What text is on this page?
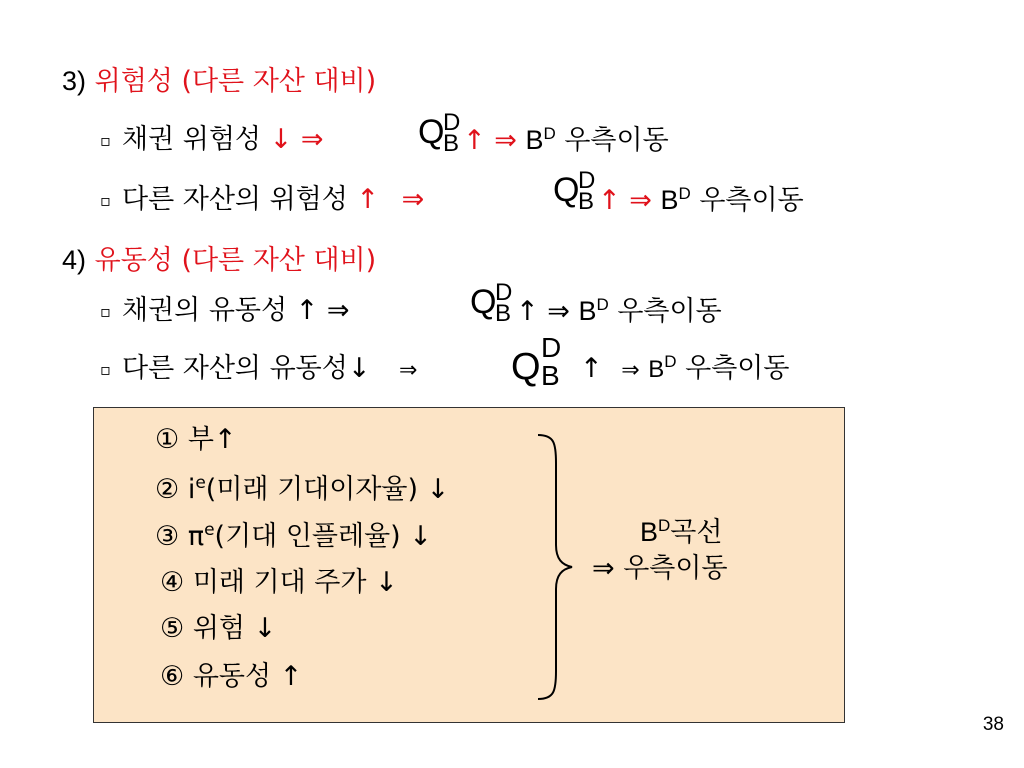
3) 위험성 (다른 자산 대비)
▫ 채권 위험성 ↓ ⇒	Q
D
B ↑ ⇒ $B^D$ 우측이동
▫ 다른 자산의 위험성 ↑ ⇒	Q
D
B ↑ ⇒ $B^D$ 우측이동
4) 유동성 (다른 자산 대비)
▫ 채권의 유동성 ↑ ⇒	Q
D
B ↑ ⇒ $B^D$ 우측이동
▫ 다른 자산의 유동성↓ ⇒ Q D
B ↑ ⇒ $B^D$ 우측이동
① 부↑
② $i^e$(미래 기대이자율) ↓
③ $\pi^e$(기대 인플레율) ↓
④ 미래 기대 주가 ↓
⑤ 위험 ↓
⑥ 유동성 ↑
$B^D$곡선
⇒ 우측이동
38
